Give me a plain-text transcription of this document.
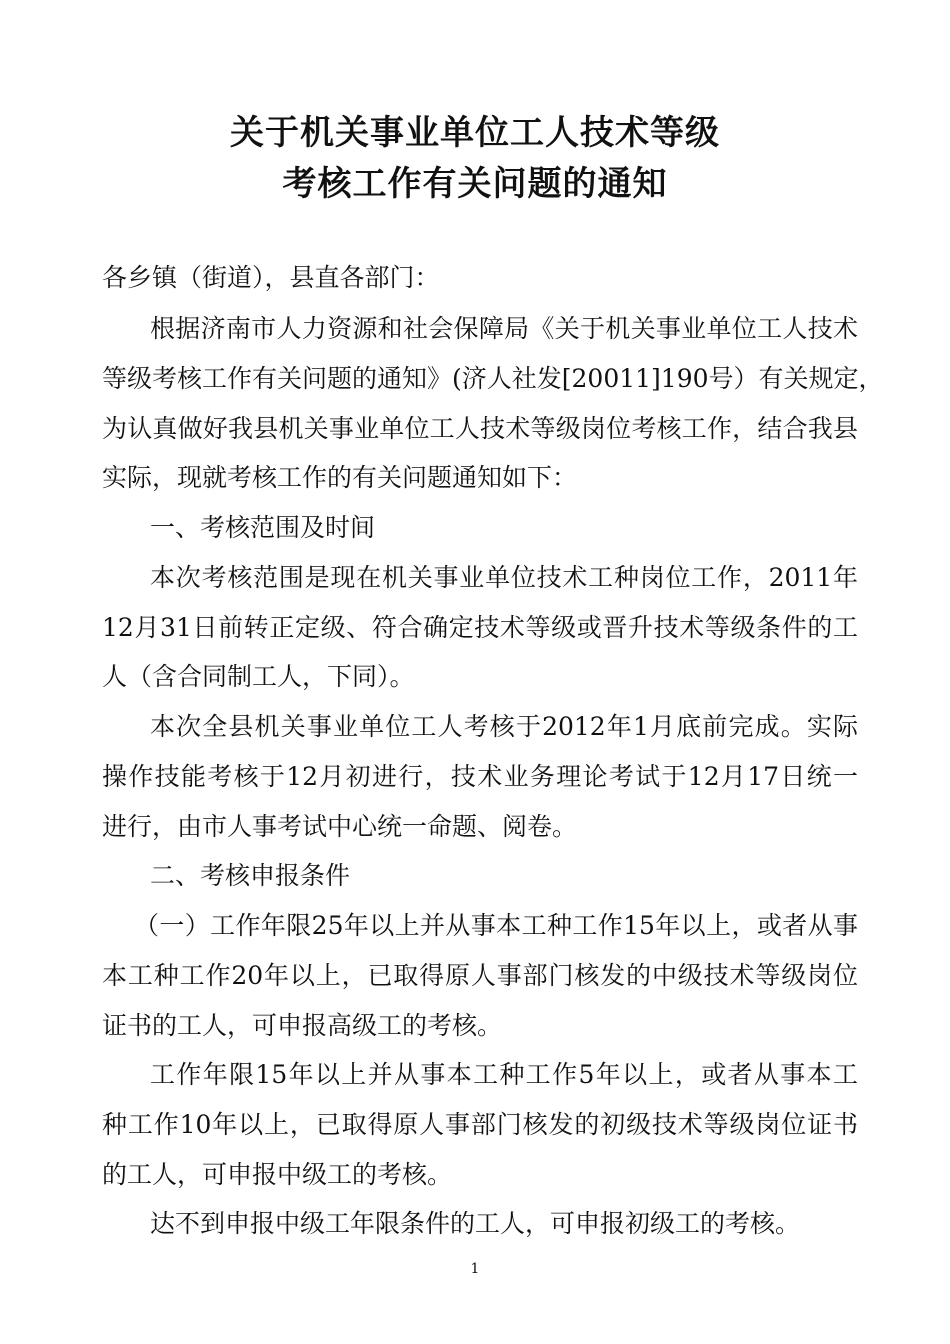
关于机关事业单位工人技术等级
考核工作有关问题的通知
各乡镇（街道），县直各部门：
根据济南市人力资源和社会保障局《关于机关事业单位工人技术
等级考核工作有关问题的通知》(济人社发[20011]190号）有关规定，
为认真做好我县机关事业单位工人技术等级岗位考核工作，结合我县
实际，现就考核工作的有关问题通知如下：
一、考核范围及时间
本次考核范围是现在机关事业单位技术工种岗位工作，2011年
12月31日前转正定级、符合确定技术等级或晋升技术等级条件的工
人（含合同制工人，下同）。
本次全县机关事业单位工人考核于2012年1月底前完成。实际
操作技能考核于12月初进行，技术业务理论考试于12月17日统一
进行，由市人事考试中心统一命题、阅卷。
二、考核申报条件
（一）工作年限25年以上并从事本工种工作15年以上，或者从事
本工种工作20年以上，已取得原人事部门核发的中级技术等级岗位
证书的工人，可申报高级工的考核。
工作年限15年以上并从事本工种工作5年以上，或者从事本工
种工作10年以上，已取得原人事部门核发的初级技术等级岗位证书
的工人，可申报中级工的考核。
达不到申报中级工年限条件的工人，可申报初级工的考核。
1
